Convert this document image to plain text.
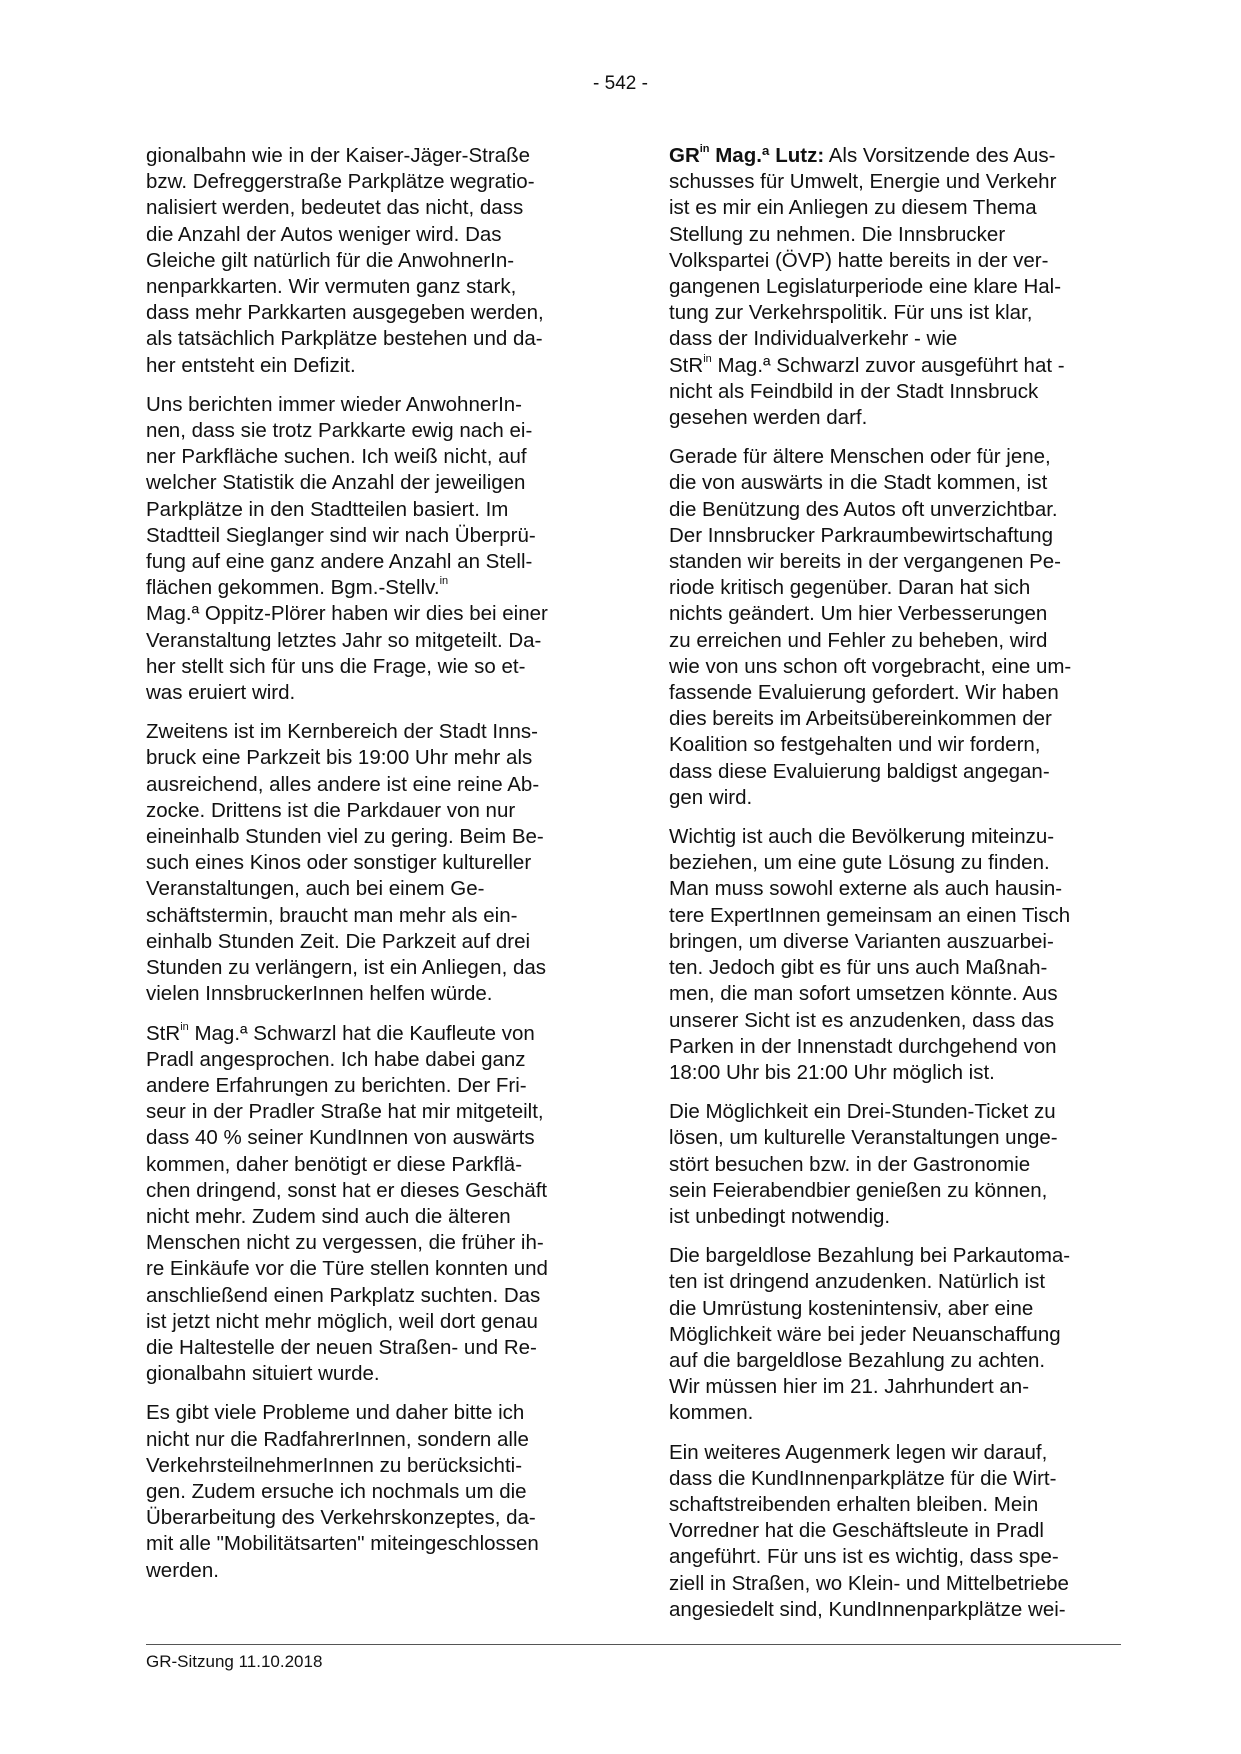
- 542 -
gionalbahn wie in der Kaiser-Jäger-Straße
bzw. Defreggerstraße Parkplätze wegratio-
nalisiert werden, bedeutet das nicht, dass
die Anzahl der Autos weniger wird. Das
Gleiche gilt natürlich für die AnwohnerIn-
nenparkkarten. Wir vermuten ganz stark,
dass mehr Parkkarten ausgegeben werden,
als tatsächlich Parkplätze bestehen und da-
her entsteht ein Defizit.
Uns berichten immer wieder AnwohnerIn-
nen, dass sie trotz Parkkarte ewig nach ei-
ner Parkfläche suchen. Ich weiß nicht, auf
welcher Statistik die Anzahl der jeweiligen
Parkplätze in den Stadtteilen basiert. Im
Stadtteil Sieglanger sind wir nach Überprü-
fung auf eine ganz andere Anzahl an Stell-
flächen gekommen. Bgm.-Stellv.$^{in}$
Mag.ª Oppitz-Plörer haben wir dies bei einer
Veranstaltung letztes Jahr so mitgeteilt. Da-
her stellt sich für uns die Frage, wie so et-
was eruiert wird.
Zweitens ist im Kernbereich der Stadt Inns-
bruck eine Parkzeit bis 19:00 Uhr mehr als
ausreichend, alles andere ist eine reine Ab-
zocke. Drittens ist die Parkdauer von nur
eineinhalb Stunden viel zu gering. Beim Be-
such eines Kinos oder sonstiger kultureller
Veranstaltungen, auch bei einem Ge-
schäftstermin, braucht man mehr als ein-
einhalb Stunden Zeit. Die Parkzeit auf drei
Stunden zu verlängern, ist ein Anliegen, das
vielen InnsbruckerInnen helfen würde.
StR$^{in}$ Mag.ª Schwarzl hat die Kaufleute von
Pradl angesprochen. Ich habe dabei ganz
andere Erfahrungen zu berichten. Der Fri-
seur in der Pradler Straße hat mir mitgeteilt,
dass 40 % seiner KundInnen von auswärts
kommen, daher benötigt er diese Parkflä-
chen dringend, sonst hat er dieses Geschäft
nicht mehr. Zudem sind auch die älteren
Menschen nicht zu vergessen, die früher ih-
re Einkäufe vor die Türe stellen konnten und
anschließend einen Parkplatz suchten. Das
ist jetzt nicht mehr möglich, weil dort genau
die Haltestelle der neuen Straßen- und Re-
gionalbahn situiert wurde.
Es gibt viele Probleme und daher bitte ich
nicht nur die RadfahrerInnen, sondern alle
VerkehrsteilnehmerInnen zu berücksichti-
gen. Zudem ersuche ich nochmals um die
Überarbeitung des Verkehrskonzeptes, da-
mit alle "Mobilitätsarten" miteingeschlossen
werden.
$GR^{in}$ Mag.ª Lutz: Als Vorsitzende des Aus-
schusses für Umwelt, Energie und Verkehr
ist es mir ein Anliegen zu diesem Thema
Stellung zu nehmen. Die Innsbrucker
Volkspartei (ÖVP) hatte bereits in der ver-
gangenen Legislaturperiode eine klare Hal-
tung zur Verkehrspolitik. Für uns ist klar,
dass der Individualverkehr - wie
StR$^{in}$ Mag.ª Schwarzl zuvor ausgeführt hat -
nicht als Feindbild in der Stadt Innsbruck
gesehen werden darf.
Gerade für ältere Menschen oder für jene,
die von auswärts in die Stadt kommen, ist
die Benützung des Autos oft unverzichtbar.
Der Innsbrucker Parkraumbewirtschaftung
standen wir bereits in der vergangenen Pe-
riode kritisch gegenüber. Daran hat sich
nichts geändert. Um hier Verbesserungen
zu erreichen und Fehler zu beheben, wird
wie von uns schon oft vorgebracht, eine um-
fassende Evaluierung gefordert. Wir haben
dies bereits im Arbeitsübereinkommen der
Koalition so festgehalten und wir fordern,
dass diese Evaluierung baldigst angegan-
gen wird.
Wichtig ist auch die Bevölkerung miteinzu-
beziehen, um eine gute Lösung zu finden.
Man muss sowohl externe als auch hausin-
tere ExpertInnen gemeinsam an einen Tisch
bringen, um diverse Varianten auszuarbei-
ten. Jedoch gibt es für uns auch Maßnah-
men, die man sofort umsetzen könnte. Aus
unserer Sicht ist es anzudenken, dass das
Parken in der Innenstadt durchgehend von
18:00 Uhr bis 21:00 Uhr möglich ist.
Die Möglichkeit ein Drei-Stunden-Ticket zu
lösen, um kulturelle Veranstaltungen unge-
stört besuchen bzw. in der Gastronomie
sein Feierabendbier genießen zu können,
ist unbedingt notwendig.
Die bargeldlose Bezahlung bei Parkautoma-
ten ist dringend anzudenken. Natürlich ist
die Umrüstung kostenintensiv, aber eine
Möglichkeit wäre bei jeder Neuanschaffung
auf die bargeldlose Bezahlung zu achten.
Wir müssen hier im 21. Jahrhundert an-
kommen.
Ein weiteres Augenmerk legen wir darauf,
dass die KundInnenparkplätze für die Wirt-
schaftstreibenden erhalten bleiben. Mein
Vorredner hat die Geschäftsleute in Pradl
angeführt. Für uns ist es wichtig, dass spe-
ziell in Straßen, wo Klein- und Mittelbetriebe
angesiedelt sind, KundInnenparkplätze wei-
GR-Sitzung 11.10.2018
